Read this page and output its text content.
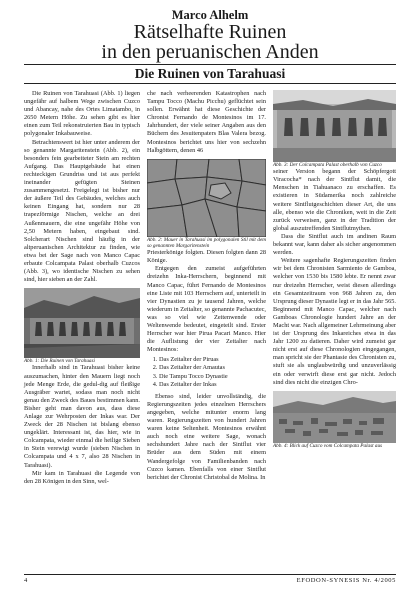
Marco Alhelm
Rätselhafte Ruinen
in den peruanischen Anden
Die Ruinen von Tarahuasi

Die Ruinen von Tarahuasi (Abb. 1) liegen ungefähr auf halbem Wege zwischen Cuzco und Abancay, nahe des Ortes Limatambo, in 2650 Metern Höhe. Zu sehen gibt es hier einen zum Teil rekonstruierten Bau in typisch polygonaler Inkabauweise.

Betrachtenswert ist hier unter anderem der so genannte Margaritenstein (Abb. 2), ein besonders fein gearbeiteter Stein am rechten Aufgang. Das Hauptgebäude hat einen rechteckigen Grundriss und ist aus perfekt ineinander gefügten Steinen zusammengesetzt. Freigelegt ist bisher nur der äußere Teil des Gebäudes, welches auch keinen Eingang hat, sondern nur 28 trapezförmige Nischen, welche an drei Außenmauern, die eine ungefähr Höhe von 2,50 Metern haben, eingebaut sind. Solcherart Nischen sind häufig in der altperuanischen Architektur zu finden, wie etwa bei der Sage nach von Manco Capac erbaute Colcampata Palast oberhalb Cuzcos (Abb. 3), wo identische Nischen zu sehen sind, hier sieben an der Zahl.

Abb. 1: Die Ruinen von Tarahuasi

Innerhalb sind in Tarahuasi bisher keine auszumachen, hinter den Mauern liegt noch jede Menge Erde, die gedul-dig auf fleißige Ausgräber wartet, sodass man noch nicht genau den Zweck des Baues bestimmen kann. Bisher geht man davon aus, dass diese Anlage zur Wehrposten der Inkas war. Der Zweck der 28 Nischen ist bislang ebenso ungeklärt. Interessant ist, das hier, wie in Colcampata, wieder einmal die heilige Sieben in Stein verewigt wurde (sieben Nischen in Colcampata und 4 x 7, also 28 Nischen in Tarahuasi).

Mir kam in Tarahuasi die Legende von den 28 Königen in den Sinn, wel-

che nach verheerenden Katastrophen nach Tampu Tocco (Machu Picchu) geflüchtet sein sollen. Erwähnt hat diese Geschichte der Chronist Fernando de Montesinos im 17. Jahrhundert, der viele seiner Angaben aus den Büchern des Jesuitenpaters Blas Valera bezog. Montesinos berichtet uns hier von sechzehn Halbgöttern, denen 46

Abb. 2: Mauer in Tarahuasi im polygonalen Stil mit dem so genannten Margaritenstein

Priesterkönige folgten. Diesen folgten dann 28 Könige.

Entgegen den zumeist aufgeführten dreizehn Inka-Herrschern, beginnend mit Manco Capac, führt Fernando de Montesinos eine Liste mit 103 Herrschern auf, unterteilt in vier Dynastien zu je tausend Jahren, welche wiederum in Zeitalter, so genannte Pachacutec, was so viel wie Zeitenwende oder Weltenwende bedeutet, eingeteilt sind. Erster Herrscher war hier Pirua Pacari Manco. Hier die Auflistung der vier Zeitalter nach Montesinos:

1. Das Zeitalter der Piruas
2. Das Zeitalter der Amautas
3. Die Tampu Tocco Dynastie
4. Das Zeitalter der Inkas

Ebenso sind, leider unvollständig, die Regierungszeiten jedes einzelnen Herrschers angegeben, welche mitunter enorm lang waren. Regierungszeiten von hundert Jahren waren keine Seltenheit. Montesinos erwähnt auch noch eine weitere Sage, wonach sechshundert Jahre nach der Sintflut vier Brüder aus dem Süden mit einem Wandergefolge von Familienbanden nach Cuzco kamen. Ebenfalls von einer Sintflut berichtet der Chronist Christobal de Molina. In

Abb. 3: Der Colcampata Palast oberhalb von Cuzco

seiner Version begann der Schöpfergott Viracocha* nach der Sintflut damit, die Menschen in Tiahuanaco zu erschaffen. Es existieren in Südamerika noch zahlreiche weitere Sintflutgeschichten dieser Art, die uns alle, ebenso wie die Chroniken, weit in die Zeit zurück verweisen, ganz in der Tradition der global auszutreffenden Sintflutmythen.

Dass die Sintflut auch im andinen Raum bekannt war, kann daher als sicher angenommen werden.

Weitere sagenhafte Regierungszeiten finden wir bei dem Chronisten Sarmiento de Gamboa, welcher von 1530 bis 1580 lebte. Er nennt zwar nur dreizehn Herrscher, weist diesen allerdings ein Gesamtzeitraum von 968 Jahren zu, den Ursprung dieser Dynastie legt er in das Jahr 565. Beginnend mit Manco Capac, welcher nach Gamboas Chronologie hundert Jahre an der Macht war. Nach allgemeiner Lehrmeinung aber ist der Ursprung des Inkareiches etwa in das Jahr 1200 zu datieren. Daher wird zumeist gar nicht erst auf diese Chronologien eingegangen, man spricht sie der Phantasie des Chronisten zu, stuft sie als unglaubwürdig und unzuverlässig ein oder verwirft diese erst gar nicht. Jedoch sind dies nicht die einzigen Chro-

Abb. 4: Blick auf Cuzco vom Colcampata Palast aus

4	EFODON-SYNESIS Nr. 4/2005
